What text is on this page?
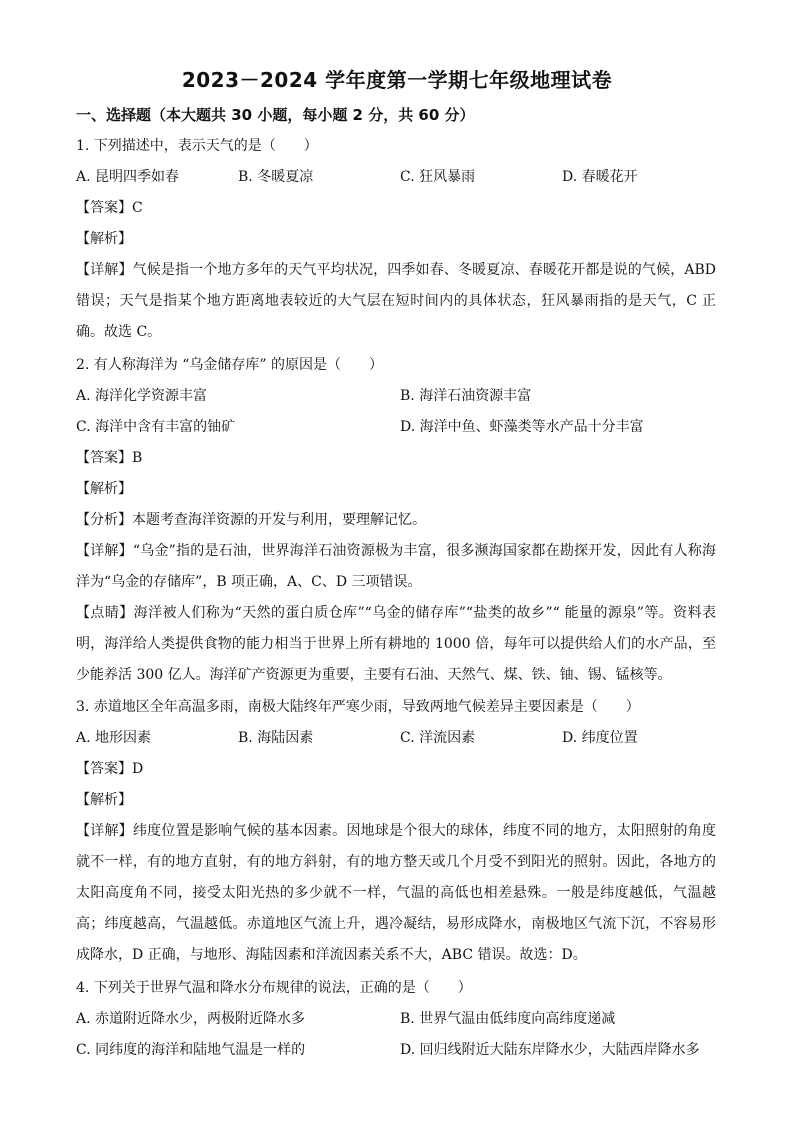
2023－2024 学年度第一学期七年级地理试卷
一、选择题（本大题共 30 小题，每小题 2 分，共 60 分）
1. 下列描述中，表示天气的是（　　）
A. 昆明四季如春	B. 冬暖夏凉	C. 狂风暴雨	D. 春暖花开
【答案】C
【解析】
【详解】气候是指一个地方多年的天气平均状况，四季如春、冬暖夏凉、春暖花开都是说的气候，ABD 错误；天气是指某个地方距离地表较近的大气层在短时间内的具体状态，狂风暴雨指的是天气，C 正确。故选 C。
2. 有人称海洋为 “乌金储存库” 的原因是（　　）
A. 海洋化学资源丰富	B. 海洋石油资源丰富
C. 海洋中含有丰富的铀矿	D. 海洋中鱼、虾藻类等水产品十分丰富
【答案】B
【解析】
【分析】本题考查海洋资源的开发与利用，要理解记忆。
【详解】“乌金”指的是石油，世界海洋石油资源极为丰富，很多濒海国家都在勘探开发，因此有人称海洋为“乌金的存储库”，B 项正确，A、C、D 三项错误。
【点睛】海洋被人们称为“天然的蛋白质仓库”“乌金的储存库”“盐类的故乡”“ 能量的源泉”等。资料表明，海洋给人类提供食物的能力相当于世界上所有耕地的 1000 倍，每年可以提供给人们的水产品，至少能养活 300 亿人。海洋矿产资源更为重要，主要有石油、天然气、煤、铁、铀、锡、锰核等。
3. 赤道地区全年高温多雨，南极大陆终年严寒少雨，导致两地气候差异主要因素是（　　）
A. 地形因素	B. 海陆因素	C. 洋流因素	D. 纬度位置
【答案】D
【解析】
【详解】纬度位置是影响气候的基本因素。因地球是个很大的球体，纬度不同的地方，太阳照射的角度就不一样，有的地方直射，有的地方斜射，有的地方整天或几个月受不到阳光的照射。因此，各地方的太阳高度角不同，接受太阳光热的多少就不一样，气温的高低也相差悬殊。一般是纬度越低，气温越高；纬度越高，气温越低。赤道地区气流上升，遇冷凝结，易形成降水，南极地区气流下沉，不容易形成降水，D 正确，与地形、海陆因素和洋流因素关系不大，ABC 错误。故选：D。
4. 下列关于世界气温和降水分布规律的说法，正确的是（　　）
A. 赤道附近降水少，两极附近降水多	B. 世界气温由低纬度向高纬度递减
C. 同纬度的海洋和陆地气温是一样的	D. 回归线附近大陆东岸降水少，大陆西岸降水多
